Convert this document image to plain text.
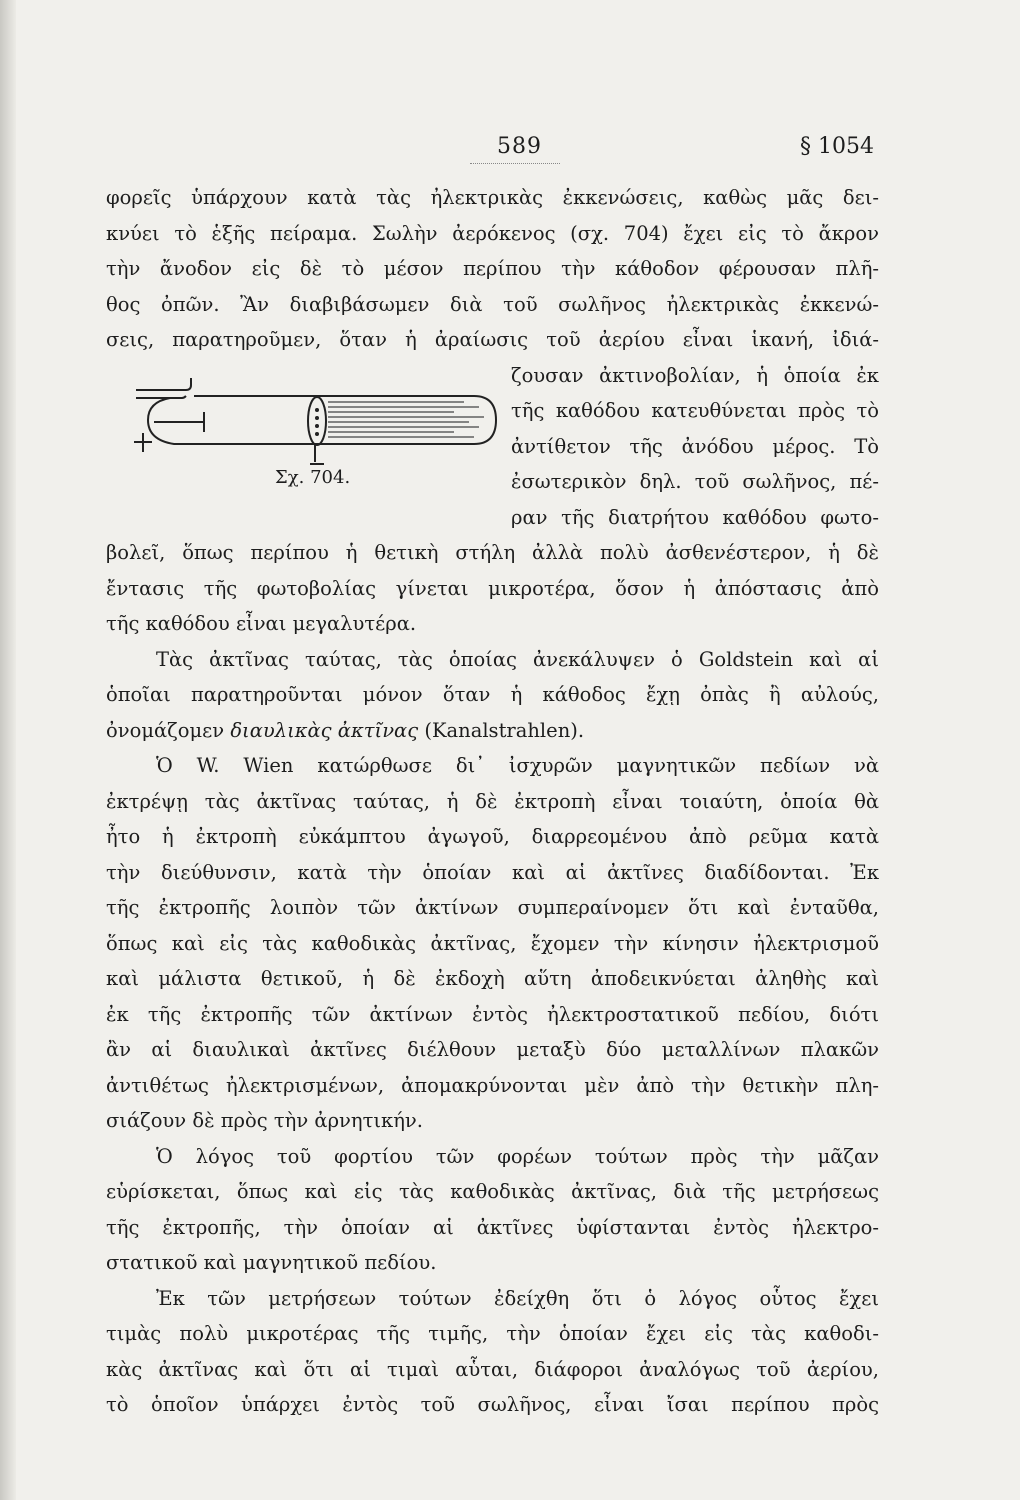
589	§ 1054
φορεῖς ὑπάρχουν κατὰ τὰς ἠλεκτρικὰς ἐκκενώσεις, καθὼς μᾶς δει-
κνύει τὸ ἑξῆς πείραμα. Σωλὴν ἀερόκενος (σχ. 704) ἔχει εἰς τὸ ἄκρον
τὴν ἄνοδον εἰς δὲ τὸ μέσον περίπου τὴν κάθοδον φέρουσαν πλῆ-
θος ὀπῶν. Ἂν διαβιβάσωμεν διὰ τοῦ σωλῆνος ἠλεκτρικὰς ἐκκενώ-
σεις, παρατηροῦμεν, ὅταν ἡ ἀραίωσις τοῦ ἀερίου εἶναι ἱκανή, ἰδιά-
ζουσαν ἀκτινοβολίαν, ἡ ὁποία ἐκ
τῆς καθόδου κατευθύνεται πρὸς τὸ
ἀντίθετον τῆς ἀνόδου μέρος. Τὸ
ἐσωτερικὸν δηλ. τοῦ σωλῆνος, πέ-
ραν τῆς διατρήτου καθόδου φωτο-
βολεῖ, ὅπως περίπου ἡ θετικὴ στήλη ἀλλὰ πολὺ ἀσθενέστερον, ἡ δὲ
ἔντασις τῆς φωτοβολίας γίνεται μικροτέρα, ὅσον ἡ ἀπόστασις ἀπὸ
τῆς καθόδου εἶναι μεγαλυτέρα.
Τὰς ἀκτῖνας ταύτας, τὰς ὁποίας ἀνεκάλυψεν ὁ Goldstein καὶ αἱ
ὁποῖαι παρατηροῦνται μόνον ὅταν ἡ κάθοδος ἔχῃ ὀπὰς ἢ αὐλούς,
ὀνομάζομεν διαυλικὰς ἀκτῖνας (Kanalstrahlen).
Ὁ W. Wien κατώρθωσε δι᾽ ἰσχυρῶν μαγνητικῶν πεδίων νὰ
ἐκτρέψῃ τὰς ἀκτῖνας ταύτας, ἡ δὲ ἐκτροπὴ εἶναι τοιαύτη, ὁποία θὰ
ἦτο ἡ ἐκτροπὴ εὐκάμπτου ἀγωγοῦ, διαρρεομένου ἀπὸ ρεῦμα κατὰ
τὴν διεύθυνσιν, κατὰ τὴν ὁποίαν καὶ αἱ ἀκτῖνες διαδίδονται. Ἐκ
τῆς ἐκτροπῆς λοιπὸν τῶν ἀκτίνων συμπεραίνομεν ὅτι καὶ ἐνταῦθα,
ὅπως καὶ εἰς τὰς καθοδικὰς ἀκτῖνας, ἔχομεν τὴν κίνησιν ἠλεκτρισμοῦ
καὶ μάλιστα θετικοῦ, ἡ δὲ ἐκδοχὴ αὕτη ἀποδεικνύεται ἀληθὴς καὶ
ἐκ τῆς ἐκτροπῆς τῶν ἀκτίνων ἐντὸς ἠλεκτροστατικοῦ πεδίου, διότι
ἂν αἱ διαυλικαὶ ἀκτῖνες διέλθουν μεταξὺ δύο μεταλλίνων πλακῶν
ἀντιθέτως ἠλεκτρισμένων, ἀπομακρύνονται μὲν ἀπὸ τὴν θετικὴν πλη-
σιάζουν δὲ πρὸς τὴν ἀρνητικήν.
Ὁ λόγος τοῦ φορτίου τῶν φορέων τούτων πρὸς τὴν μᾶζαν
εὑρίσκεται, ὅπως καὶ εἰς τὰς καθοδικὰς ἀκτῖνας, διὰ τῆς μετρήσεως
τῆς ἐκτροπῆς, τὴν ὁποίαν αἱ ἀκτῖνες ὑφίστανται ἐντὸς ἠλεκτρο-
στατικοῦ καὶ μαγνητικοῦ πεδίου.
Ἐκ τῶν μετρήσεων τούτων ἐδείχθη ὅτι ὁ λόγος οὗτος ἔχει
τιμὰς πολὺ μικροτέρας τῆς τιμῆς, τὴν ὁποίαν ἔχει εἰς τὰς καθοδι-
κὰς ἀκτῖνας καὶ ὅτι αἱ τιμαὶ αὗται, διάφοροι ἀναλόγως τοῦ ἀερίου,
τὸ ὁποῖον ὑπάρχει ἐντὸς τοῦ σωλῆνος, εἶναι ἴσαι περίπου πρὸς
Σχ. 704.
